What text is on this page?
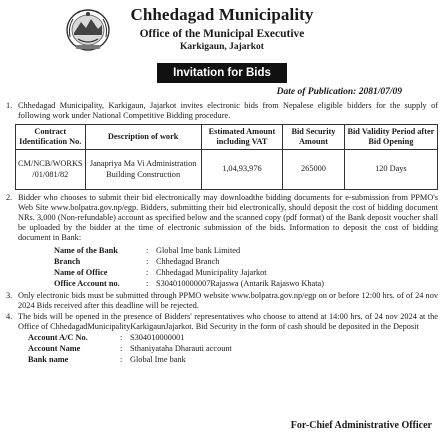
Chhedagad Municipality
Office of the Municipal Executive
Karkigaun, Jajarkot
Invitation for Bids
Date of Publication: 2081/07/09
1. Chhedagad Municipality, Karkigaun, Jajarkot invites electronic bids from Nepalese eligible bidders for the supply of following work under National Competitive Bidding procedure.
Contract Identification No.	Description of work	Estimated Amount including VAT	Bid Security Amount	Bid Validity Period after Bid Opening
CM/NCB/WORKS /01/081/82	Janapriya Ma Vi Administration Building Construction	1,04,93,976	265000	120 Days
2. Bidder who chooses to submit their bid electronically may downloadthe bidding documents for e-submission from PPMO's Web Site www.bolpatra.gov.np/egp. Bidders, submitting their bid electronically, should deposit the cost of bidding document NRs. 3,000 (Non-refundable) account as specified below and the scanned copy (pdf format) of the Bank deposit voucher shall be uploaded by the bidder at the time of electronic submission of the bids. Information to deposit the cost of bidding document in Bank:
Name of the Bank	: Global Ime bank Limited
Branch	: Chhedagad Branch
Name of Office	: Chhedagad Municipality Jajarkot
Office Account no.	: S304010000007Rajaswa (Antarik Rajaswo Khata)
3. Only electronic bids must be submitted through PPMO website www.bolpatra.gov.np/egp on or before 12:00 hrs. of of 24 nov 2024 Bids received after this deadline will be rejected.
4. The bids will be opened in the presence of Bidders' representatives who choose to attend at 14:00 hrs. of 24 nov 2024 at the Office of ChhedagadMunicipalityKarkigaunJajarkot. Bid Security in the form of cash should be deposited in the Deposit
Account A/C No.	: S304010000001
Account Name	: Sthaniyataha Dharauti account
Bank name	: Global Ime bank
For-Chief Administrative Officer
